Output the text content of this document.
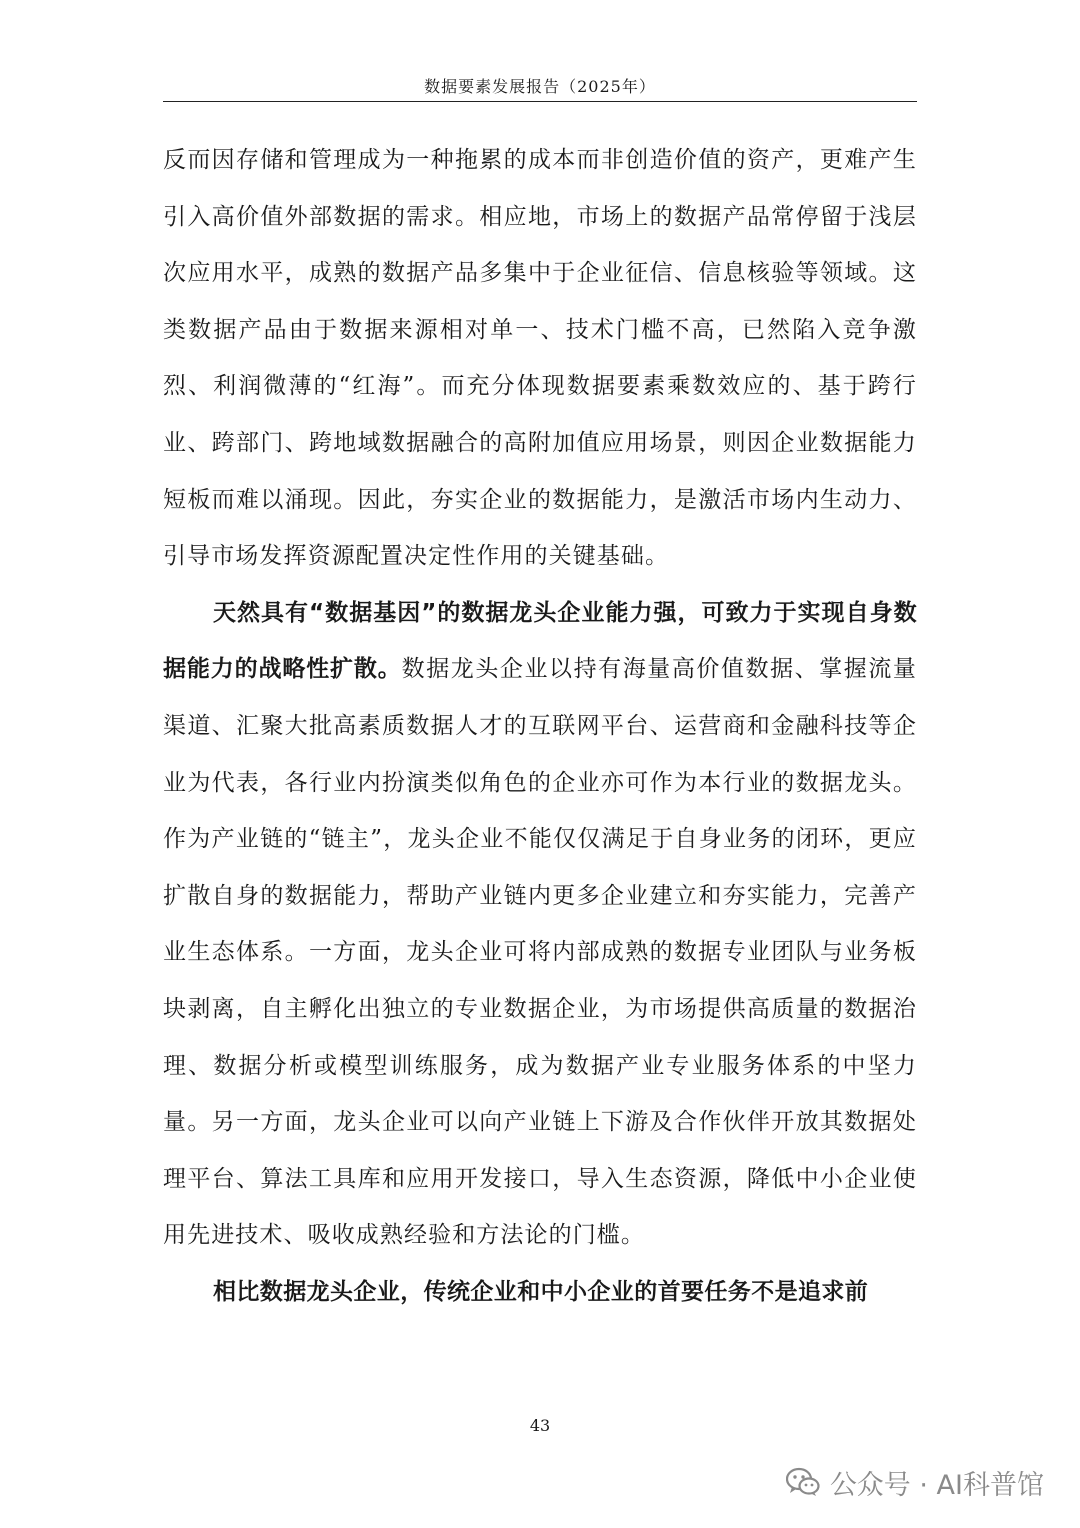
数据要素发展报告（2025年）

反而因存储和管理成为一种拖累的成本而非创造价值的资产，更难产生引入高价值外部数据的需求。相应地，市场上的数据产品常停留于浅层次应用水平，成熟的数据产品多集中于企业征信、信息核验等领域。这类数据产品由于数据来源相对单一、技术门槛不高，已然陷入竞争激烈、利润微薄的“红海”。而充分体现数据要素乘数效应的、基于跨行业、跨部门、跨地域数据融合的高附加值应用场景，则因企业数据能力短板而难以涌现。因此，夯实企业的数据能力，是激活市场内生动力、引导市场发挥资源配置决定性作用的关键基础。

天然具有“数据基因”的数据龙头企业能力强，可致力于实现自身数据能力的战略性扩散。数据龙头企业以持有海量高价值数据、掌握流量渠道、汇聚大批高素质数据人才的互联网平台、运营商和金融科技等企业为代表，各行业内扮演类似角色的企业亦可作为本行业的数据龙头。作为产业链的“链主”，龙头企业不能仅仅满足于自身业务的闭环，更应扩散自身的数据能力，帮助产业链内更多企业建立和夯实能力，完善产业生态体系。一方面，龙头企业可将内部成熟的数据专业团队与业务板块剥离，自主孵化出独立的专业数据企业，为市场提供高质量的数据治理、数据分析或模型训练服务，成为数据产业专业服务体系的中坚力量。另一方面，龙头企业可以向产业链上下游及合作伙伴开放其数据处理平台、算法工具库和应用开发接口，导入生态资源，降低中小企业使用先进技术、吸收成熟经验和方法论的门槛。

相比数据龙头企业，传统企业和中小企业的首要任务不是追求前

43
公众号 · AI科普馆
